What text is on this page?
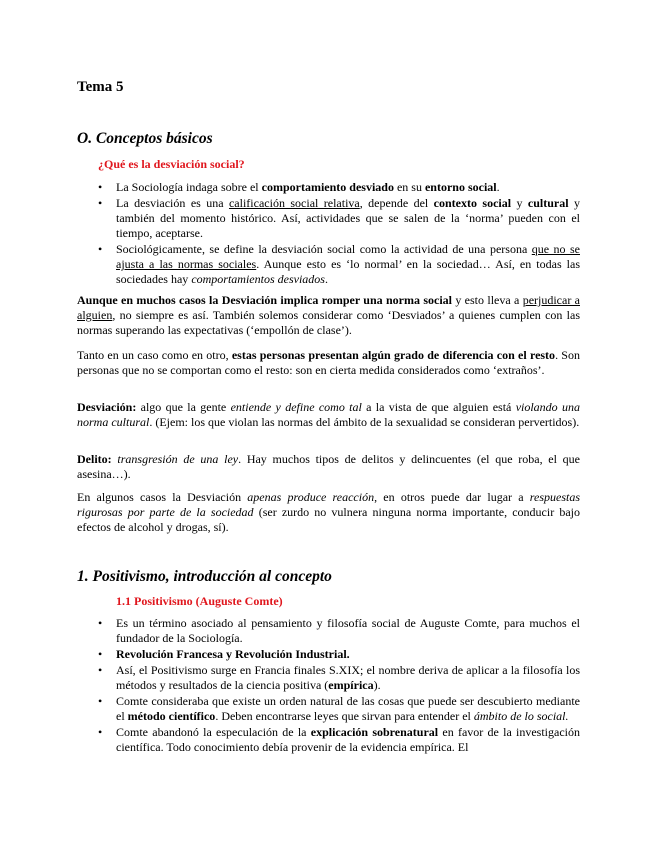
Tema 5
O. Conceptos básicos
¿Qué es la desviación social?
• La Sociología indaga sobre el comportamiento desviado en su entorno social.
• La desviación es una calificación social relativa, depende del contexto social y cultural y también del momento histórico. Así, actividades que se salen de la ‘norma’ pueden con el tiempo, aceptarse.
• Sociológicamente, se define la desviación social como la actividad de una persona que no se ajusta a las normas sociales. Aunque esto es ‘lo normal’ en la sociedad… Así, en todas las sociedades hay comportamientos desviados.

Aunque en muchos casos la Desviación implica romper una norma social y esto lleva a perjudicar a alguien, no siempre es así. También solemos considerar como ‘Desviados’ a quienes cumplen con las normas superando las expectativas (‘empollón de clase’).

Tanto en un caso como en otro, estas personas presentan algún grado de diferencia con el resto. Son personas que no se comportan como el resto: son en cierta medida considerados como ‘extraños’.

Desviación: algo que la gente entiende y define como tal a la vista de que alguien está violando una norma cultural. (Ejem: los que violan las normas del ámbito de la sexualidad se consideran pervertidos).

Delito: transgresión de una ley. Hay muchos tipos de delitos y delincuentes (el que roba, el que asesina…).

En algunos casos la Desviación apenas produce reacción, en otros puede dar lugar a respuestas rigurosas por parte de la sociedad (ser zurdo no vulnera ninguna norma importante, conducir bajo efectos de alcohol y drogas, sí).

1. Positivismo, introducción al concepto
1.1 Positivismo (Auguste Comte)
• Es un término asociado al pensamiento y filosofía social de Auguste Comte, para muchos el fundador de la Sociología.
• Revolución Francesa y Revolución Industrial.
• Así, el Positivismo surge en Francia finales S.XIX; el nombre deriva de aplicar a la filosofía los métodos y resultados de la ciencia positiva (empírica).
• Comte consideraba que existe un orden natural de las cosas que puede ser descubierto mediante el método científico. Deben encontrarse leyes que sirvan para entender el ámbito de lo social.
• Comte abandonó la especulación de la explicación sobrenatural en favor de la investigación científica. Todo conocimiento debía provenir de la evidencia empírica. El
